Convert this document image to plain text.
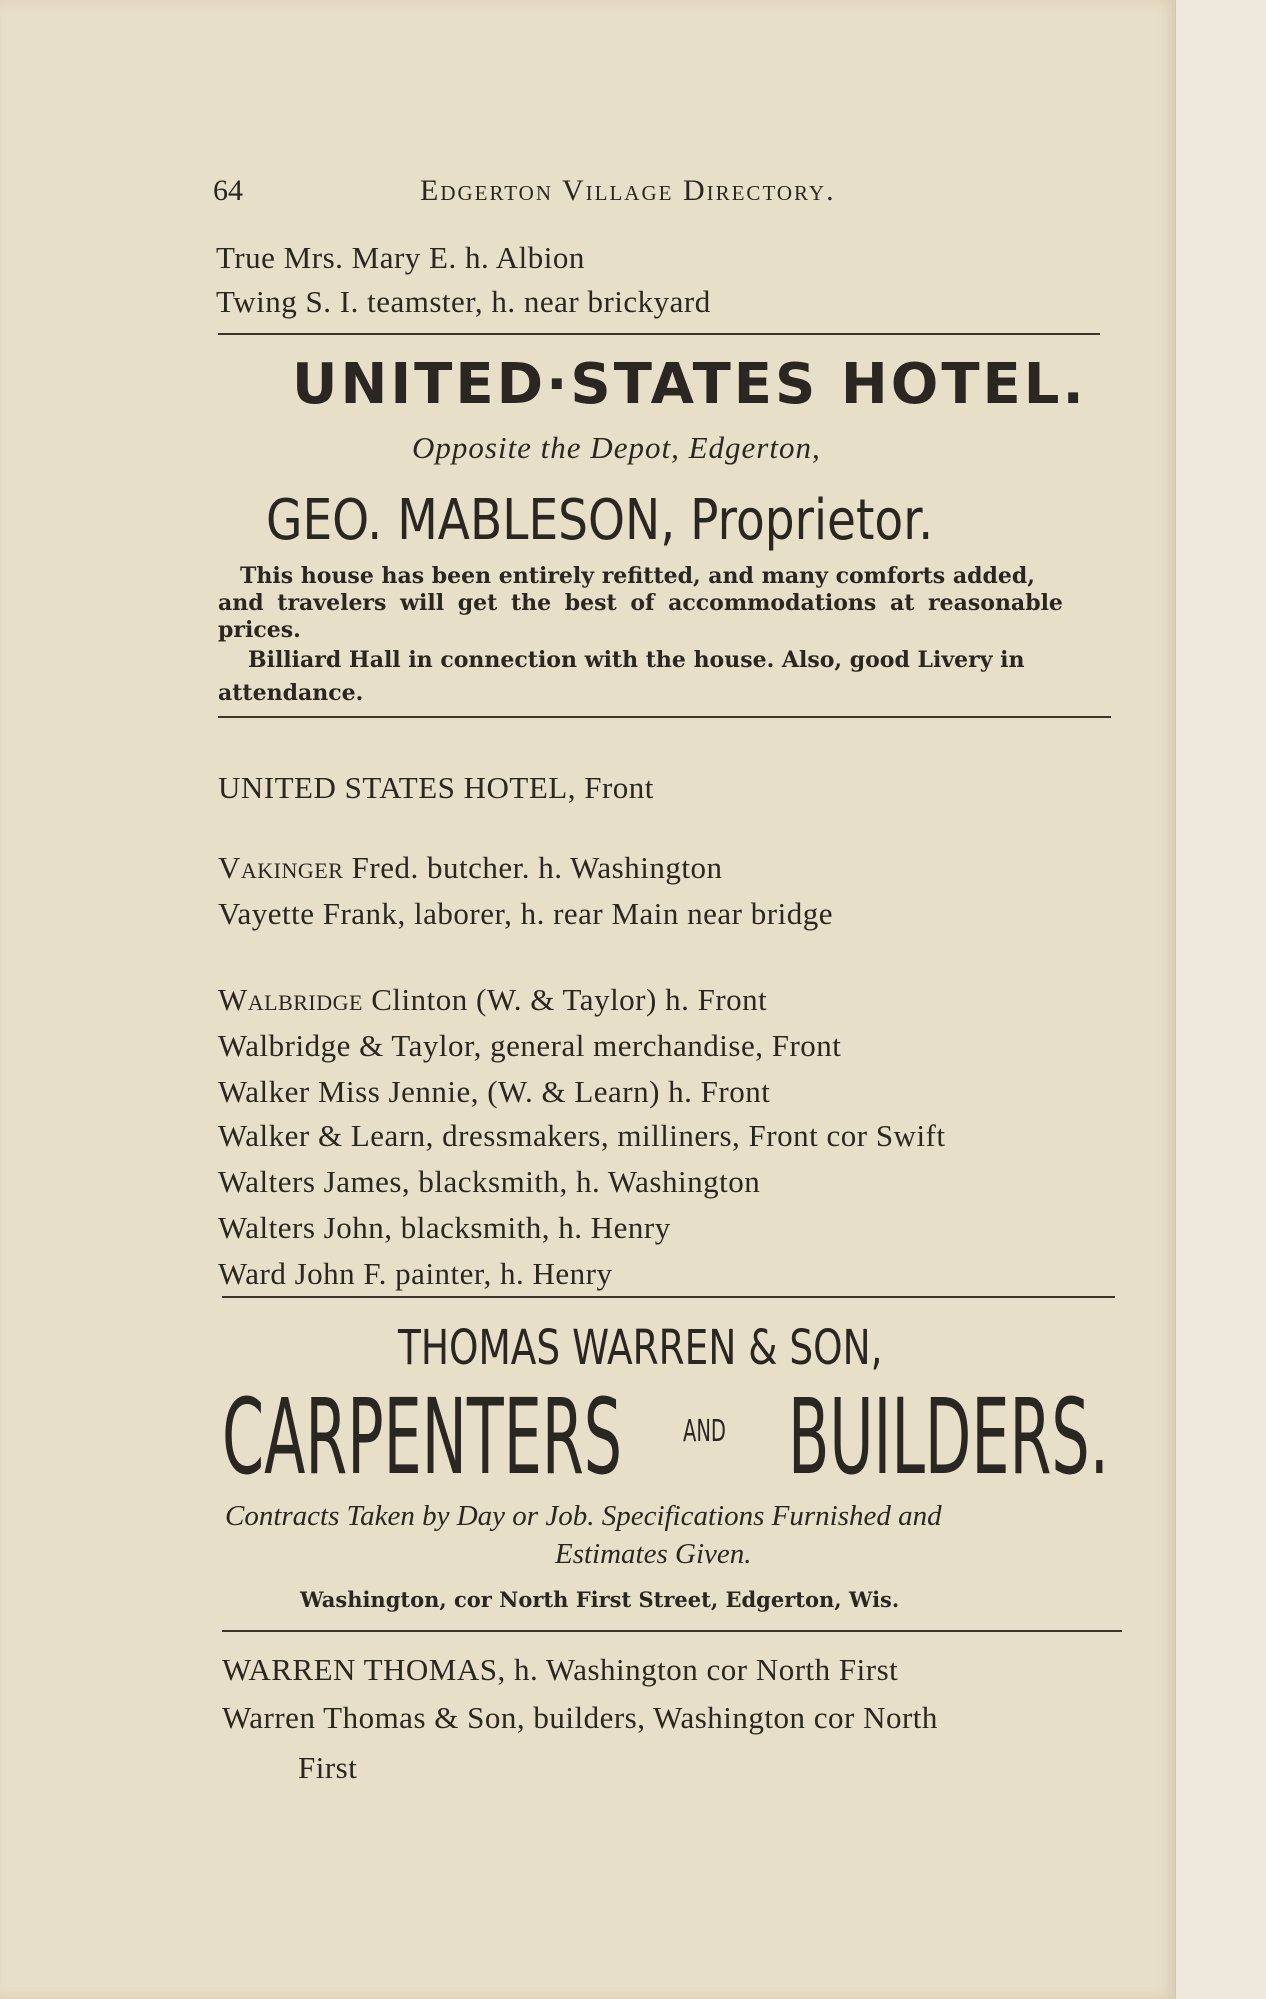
64	Edgerton Village Directory.
True Mrs. Mary E. h. Albion
Twing S. I. teamster, h. near brickyard
UNITED·STATES HOTEL.
Opposite the Depot, Edgerton,
GEO. MABLESON, Proprietor.
This house has been entirely refitted, and many comforts added,
and travelers will get the best of accommodations at reasonable
prices.
Billiard Hall in connection with the house. Also, good Livery in
attendance.
UNITED STATES HOTEL, Front
Vakinger Fred. butcher. h. Washington
Vayette Frank, laborer, h. rear Main near bridge
Walbridge Clinton (W. & Taylor) h. Front
Walbridge & Taylor, general merchandise, Front
Walker Miss Jennie, (W. & Learn) h. Front
Walker & Learn, dressmakers, milliners, Front cor Swift
Walters James, blacksmith, h. Washington
Walters John, blacksmith, h. Henry
Ward John F. painter, h. Henry
THOMAS WARREN & SON,
CARPENTERS AND BUILDERS.
Contracts Taken by Day or Job. Specifications Furnished and
Estimates Given.
Washington, cor North First Street, Edgerton, Wis.
WARREN THOMAS, h. Washington cor North First
Warren Thomas & Son, builders, Washington cor North
First
